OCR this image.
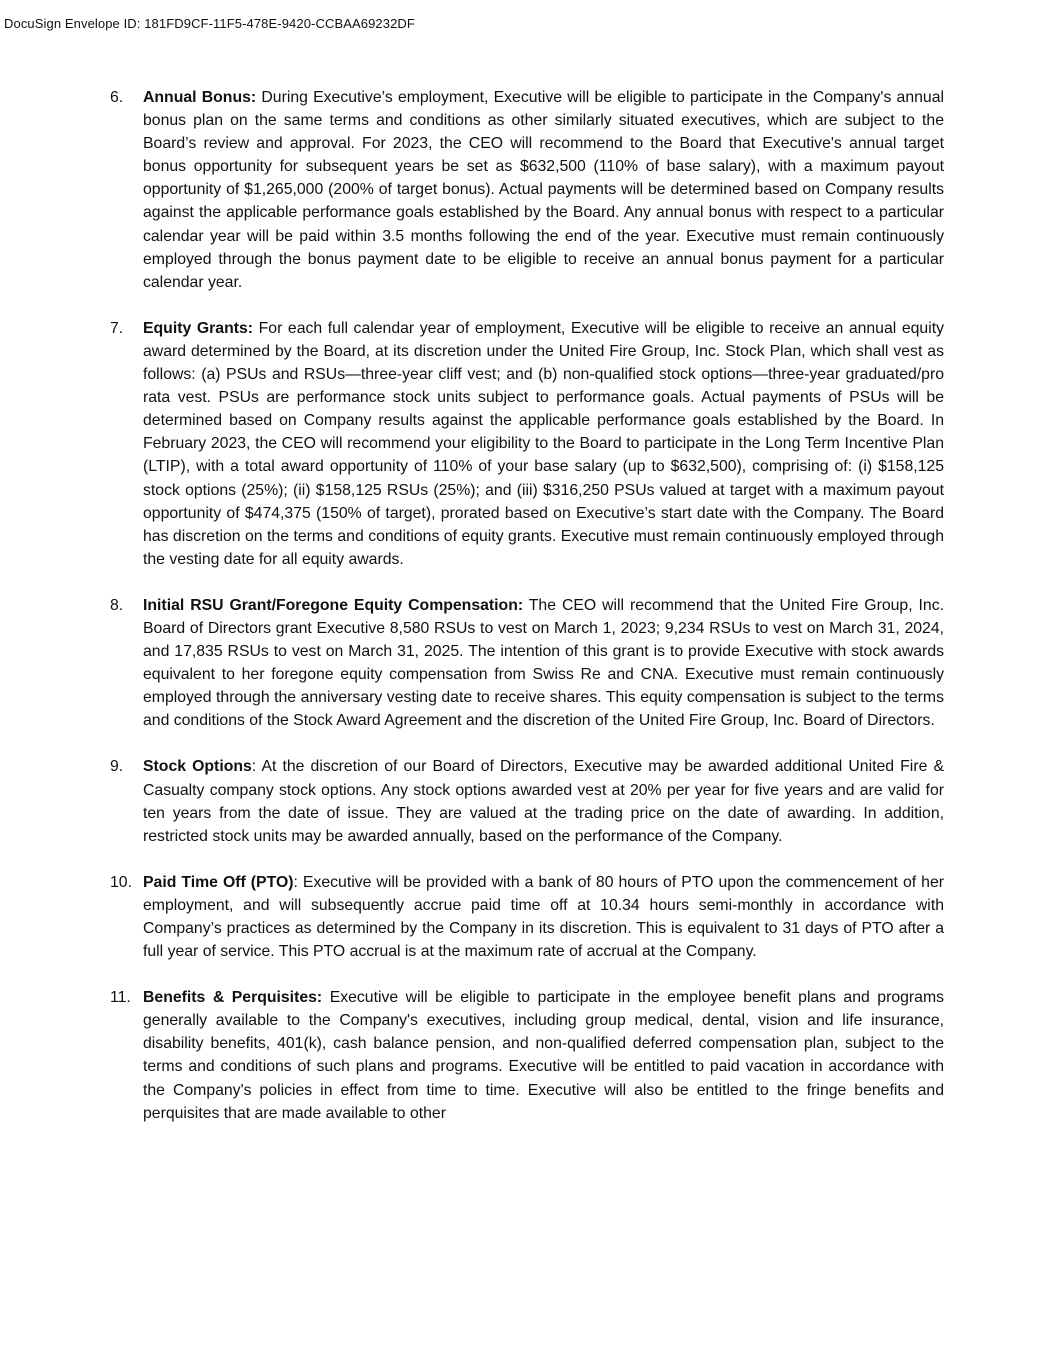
DocuSign Envelope ID: 181FD9CF-11F5-478E-9420-CCBAA69232DF
6. Annual Bonus: During Executive’s employment, Executive will be eligible to participate in the Company's annual bonus plan on the same terms and conditions as other similarly situated executives, which are subject to the Board’s review and approval. For 2023, the CEO will recommend to the Board that Executive's annual target bonus opportunity for subsequent years be set as $632,500 (110% of base salary), with a maximum payout opportunity of $1,265,000 (200% of target bonus). Actual payments will be determined based on Company results against the applicable performance goals established by the Board. Any annual bonus with respect to a particular calendar year will be paid within 3.5 months following the end of the year. Executive must remain continuously employed through the bonus payment date to be eligible to receive an annual bonus payment for a particular calendar year.
7. Equity Grants: For each full calendar year of employment, Executive will be eligible to receive an annual equity award determined by the Board, at its discretion under the United Fire Group, Inc. Stock Plan, which shall vest as follows: (a) PSUs and RSUs—three-year cliff vest; and (b) non-qualified stock options—three-year graduated/pro rata vest. PSUs are performance stock units subject to performance goals. Actual payments of PSUs will be determined based on Company results against the applicable performance goals established by the Board. In February 2023, the CEO will recommend your eligibility to the Board to participate in the Long Term Incentive Plan (LTIP), with a total award opportunity of 110% of your base salary (up to $632,500), comprising of: (i) $158,125 stock options (25%); (ii) $158,125 RSUs (25%); and (iii) $316,250 PSUs valued at target with a maximum payout opportunity of $474,375 (150% of target), prorated based on Executive’s start date with the Company. The Board has discretion on the terms and conditions of equity grants. Executive must remain continuously employed through the vesting date for all equity awards.
8. Initial RSU Grant/Foregone Equity Compensation: The CEO will recommend that the United Fire Group, Inc. Board of Directors grant Executive 8,580 RSUs to vest on March 1, 2023; 9,234 RSUs to vest on March 31, 2024, and 17,835 RSUs to vest on March 31, 2025. The intention of this grant is to provide Executive with stock awards equivalent to her foregone equity compensation from Swiss Re and CNA. Executive must remain continuously employed through the anniversary vesting date to receive shares. This equity compensation is subject to the terms and conditions of the Stock Award Agreement and the discretion of the United Fire Group, Inc. Board of Directors.
9. Stock Options: At the discretion of our Board of Directors, Executive may be awarded additional United Fire & Casualty company stock options. Any stock options awarded vest at 20% per year for five years and are valid for ten years from the date of issue. They are valued at the trading price on the date of awarding. In addition, restricted stock units may be awarded annually, based on the performance of the Company.
10. Paid Time Off (PTO): Executive will be provided with a bank of 80 hours of PTO upon the commencement of her employment, and will subsequently accrue paid time off at 10.34 hours semi-monthly in accordance with Company’s practices as determined by the Company in its discretion. This is equivalent to 31 days of PTO after a full year of service. This PTO accrual is at the maximum rate of accrual at the Company.
11. Benefits & Perquisites: Executive will be eligible to participate in the employee benefit plans and programs generally available to the Company's executives, including group medical, dental, vision and life insurance, disability benefits, 401(k), cash balance pension, and non-qualified deferred compensation plan, subject to the terms and conditions of such plans and programs. Executive will be entitled to paid vacation in accordance with the Company's policies in effect from time to time. Executive will also be entitled to the fringe benefits and perquisites that are made available to other
